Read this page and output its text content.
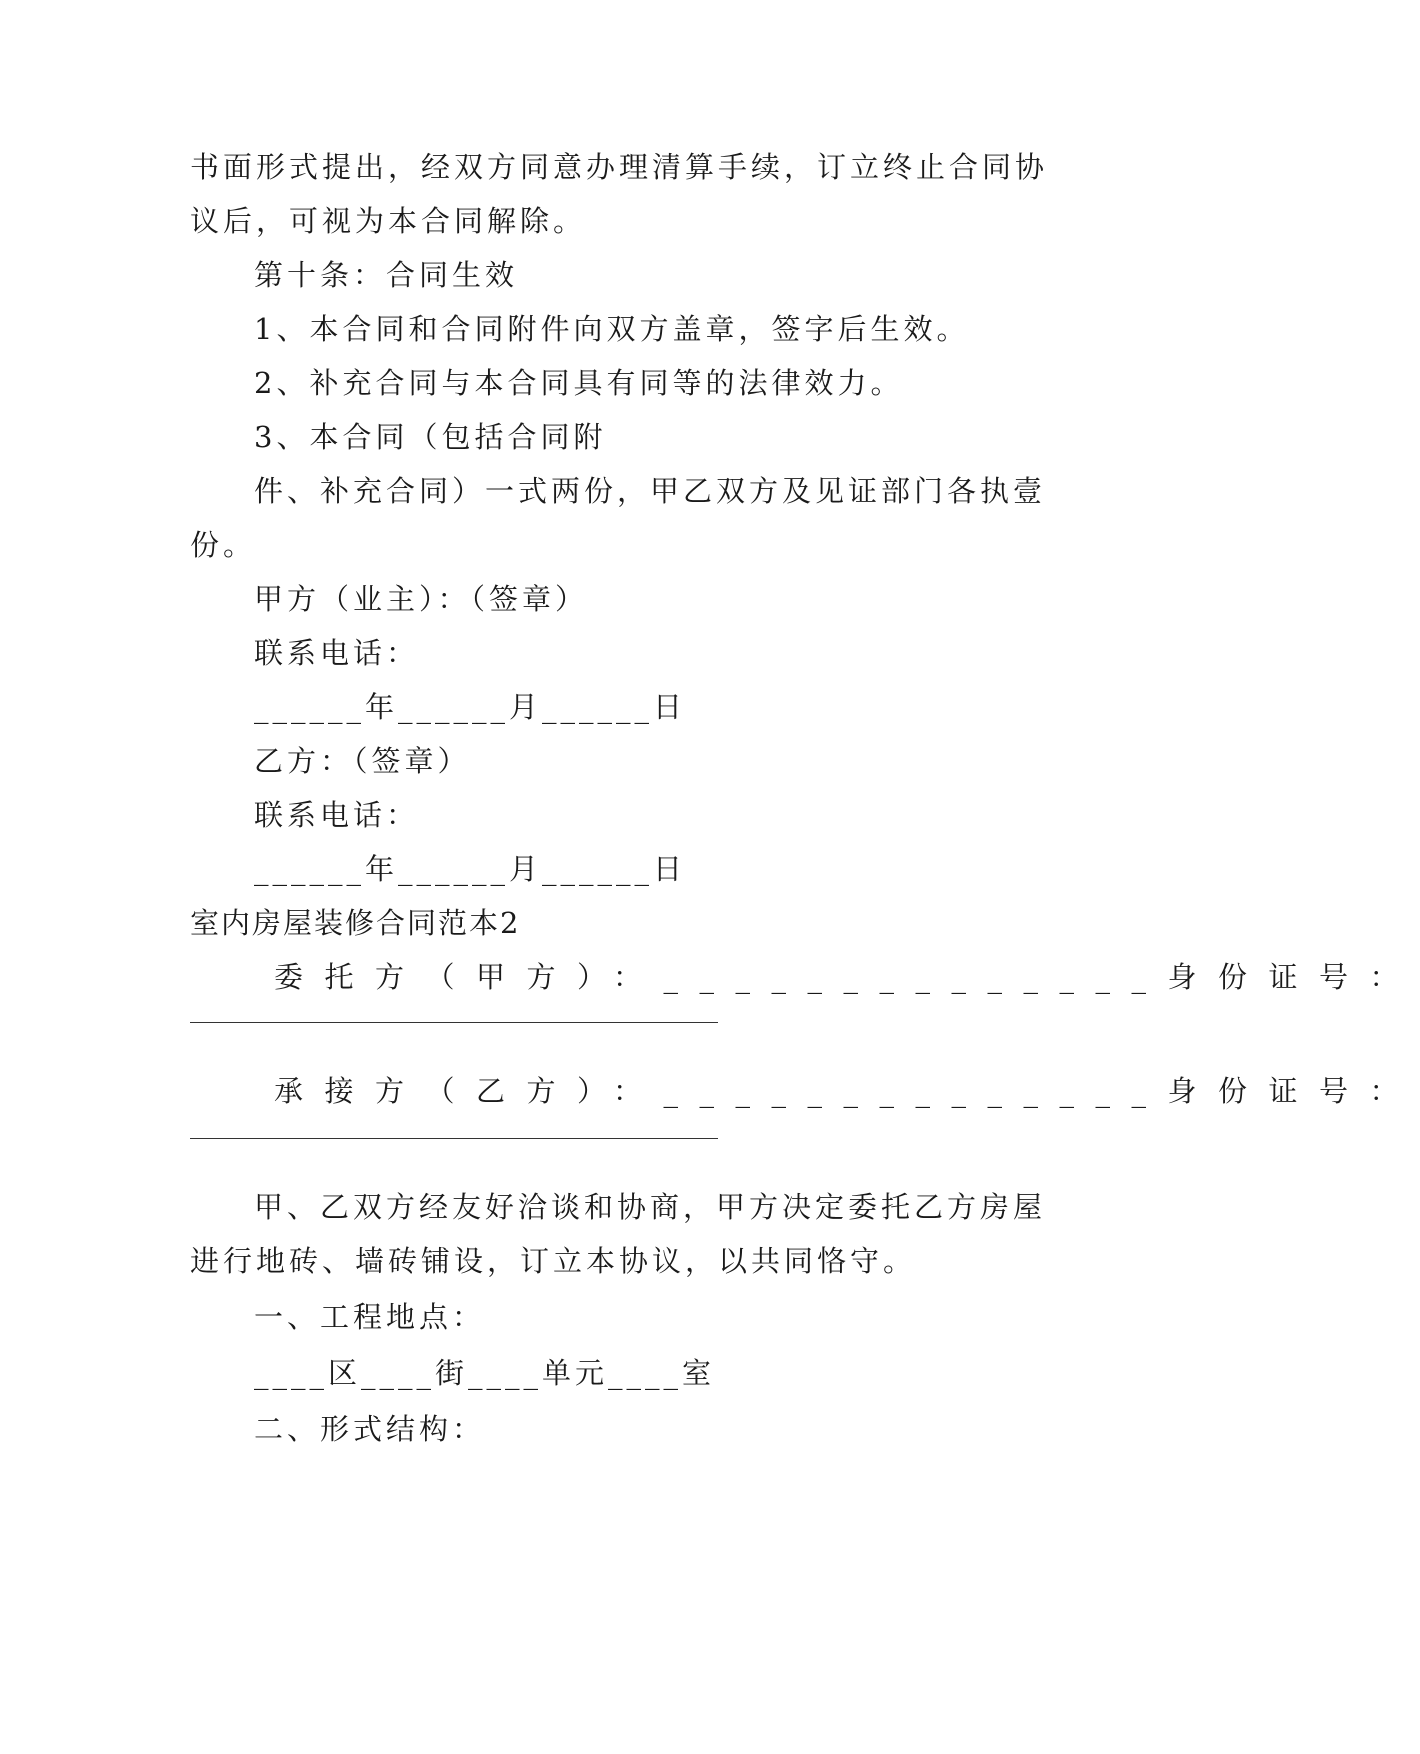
书面形式提出，经双方同意办理清算手续，订立终止合同协
议后，可视为本合同解除。
第十条：合同生效
1、本合同和合同附件向双方盖章，签字后生效。
2、补充合同与本合同具有同等的法律效力。
3、本合同（包括合同附
件、补充合同）一式两份，甲乙双方及见证部门各执壹
份。
甲方（业主）：（签章）
联系电话：
______年______月______日
乙方：（签章）
联系电话：
______年______月______日
室内房屋装修合同范本2
委托方（甲方）：______________身份证号：
承接方（乙方）：______________身份证号：
甲、乙双方经友好洽谈和协商，甲方决定委托乙方房屋
进行地砖、墙砖铺设，订立本协议，以共同恪守。
一、工程地点：
____区____街____单元____室
二、形式结构：
